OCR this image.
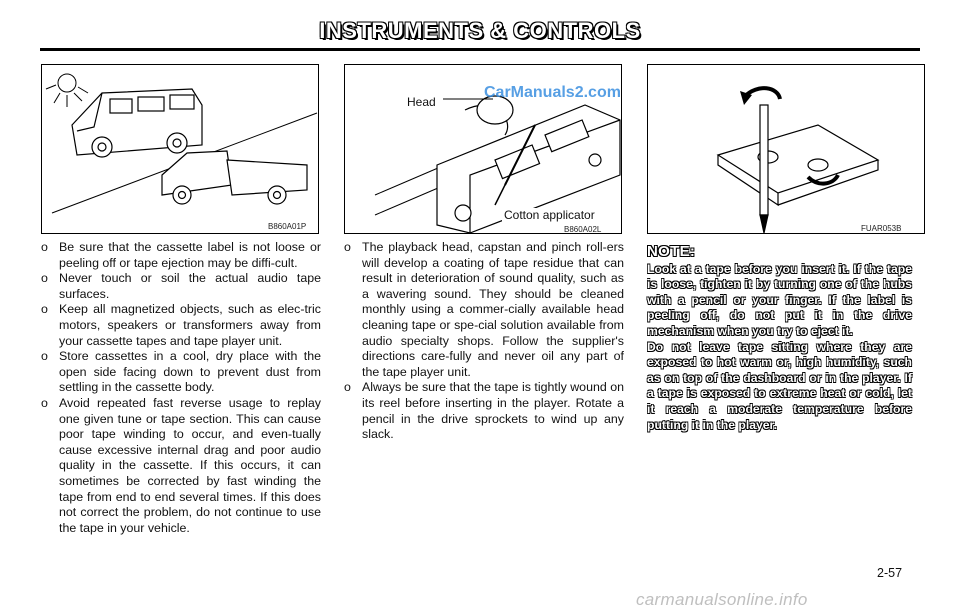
INSTRUMENTS & CONTROLS
B860A01P	B860A02L
Head
Cotton applicator
CarManuals2.com
FUAR053B
o Be sure that the cassette label is not loose or peeling off or tape ejection may be diffi-cult.
o Never touch or soil the actual audio tape surfaces.
o Keep all magnetized objects, such as elec-tric motors, speakers or transformers away from your cassette tapes and tape player unit.
o Store cassettes in a cool, dry place with the open side facing down to prevent dust from settling in the cassette body.
o Avoid repeated fast reverse usage to replay one given tune or tape section. This can cause poor tape winding to occur, and even-tually cause excessive internal drag and poor audio quality in the cassette. If this occurs, it can sometimes be corrected by fast winding the tape from end to end several times. If this does not correct the problem, do not continue to use the tape in your vehicle.
o The playback head, capstan and pinch roll-ers will develop a coating of tape residue that can result in deterioration of sound quality, such as a wavering sound. They should be cleaned monthly using a commer-cially available head cleaning tape or spe-cial solution available from audio specialty shops. Follow the supplier's directions care-fully and never oil any part of the tape player unit.
o Always be sure that the tape is tightly wound on its reel before inserting in the player. Rotate a pencil in the drive sprockets to wind up any slack.
NOTE:

Look at a tape before you insert it. If the tape is loose, tighten it by turning one of the hubs with a pencil or your finger. If the label is peeling off, do not put it in the drive mechanism when you try to eject it.

Do not leave tape sitting where they are exposed to hot warm or, high humidity, such as on top of the dashboard or in the player. If a tape is exposed to extreme heat or cold, let it reach a moderate temperature before putting it in the player.

2-57
carmanualsonline.info
